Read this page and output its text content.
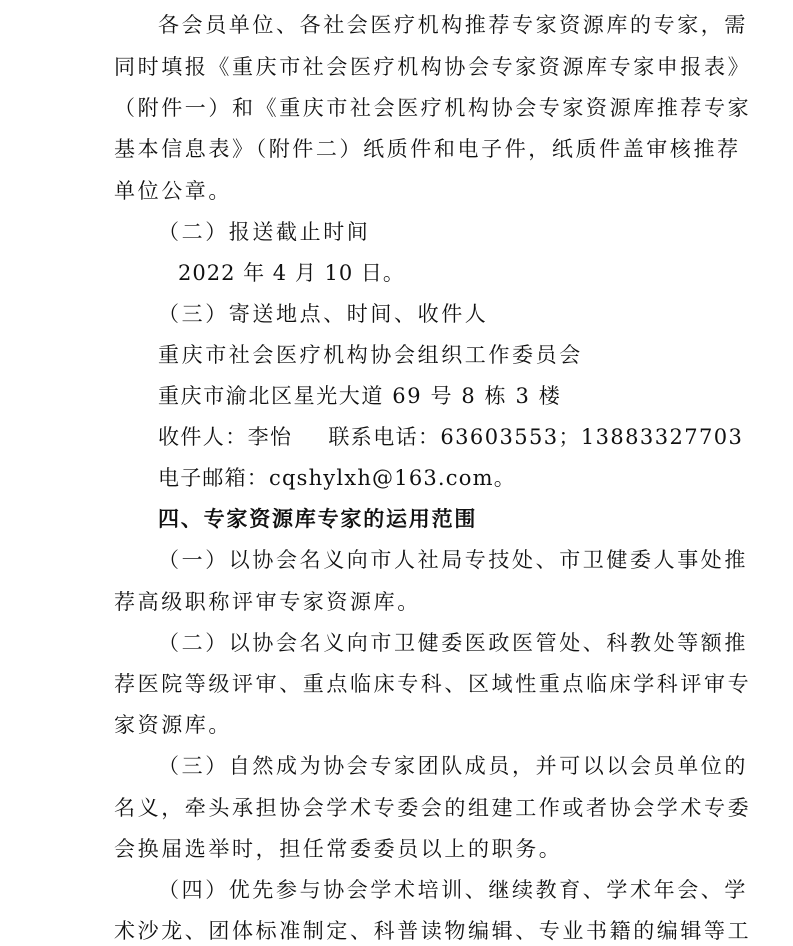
各会员单位、各社会医疗机构推荐专家资源库的专家，需
同时填报《重庆市社会医疗机构协会专家资源库专家申报表》
（附件一）和《重庆市社会医疗机构协会专家资源库推荐专家
基本信息表》（附件二）纸质件和电子件，纸质件盖审核推荐
单位公章。
（二）报送截止时间
2022 年 4 月 10 日。
（三）寄送地点、时间、收件人
重庆市社会医疗机构协会组织工作委员会
重庆市渝北区星光大道 69 号 8 栋 3 楼
收件人：李怡 联系电话：63603553；13883327703
电子邮箱：cqshylxh@163.com。
四、专家资源库专家的运用范围
（一）以协会名义向市人社局专技处、市卫健委人事处推
荐高级职称评审专家资源库。
（二）以协会名义向市卫健委医政医管处、科教处等额推
荐医院等级评审、重点临床专科、区域性重点临床学科评审专
家资源库。
（三）自然成为协会专家团队成员，并可以以会员单位的
名义，牵头承担协会学术专委会的组建工作或者协会学术专委
会换届选举时，担任常委委员以上的职务。
（四）优先参与协会学术培训、继续教育、学术年会、学
术沙龙、团体标准制定、科普读物编辑、专业书籍的编辑等工
